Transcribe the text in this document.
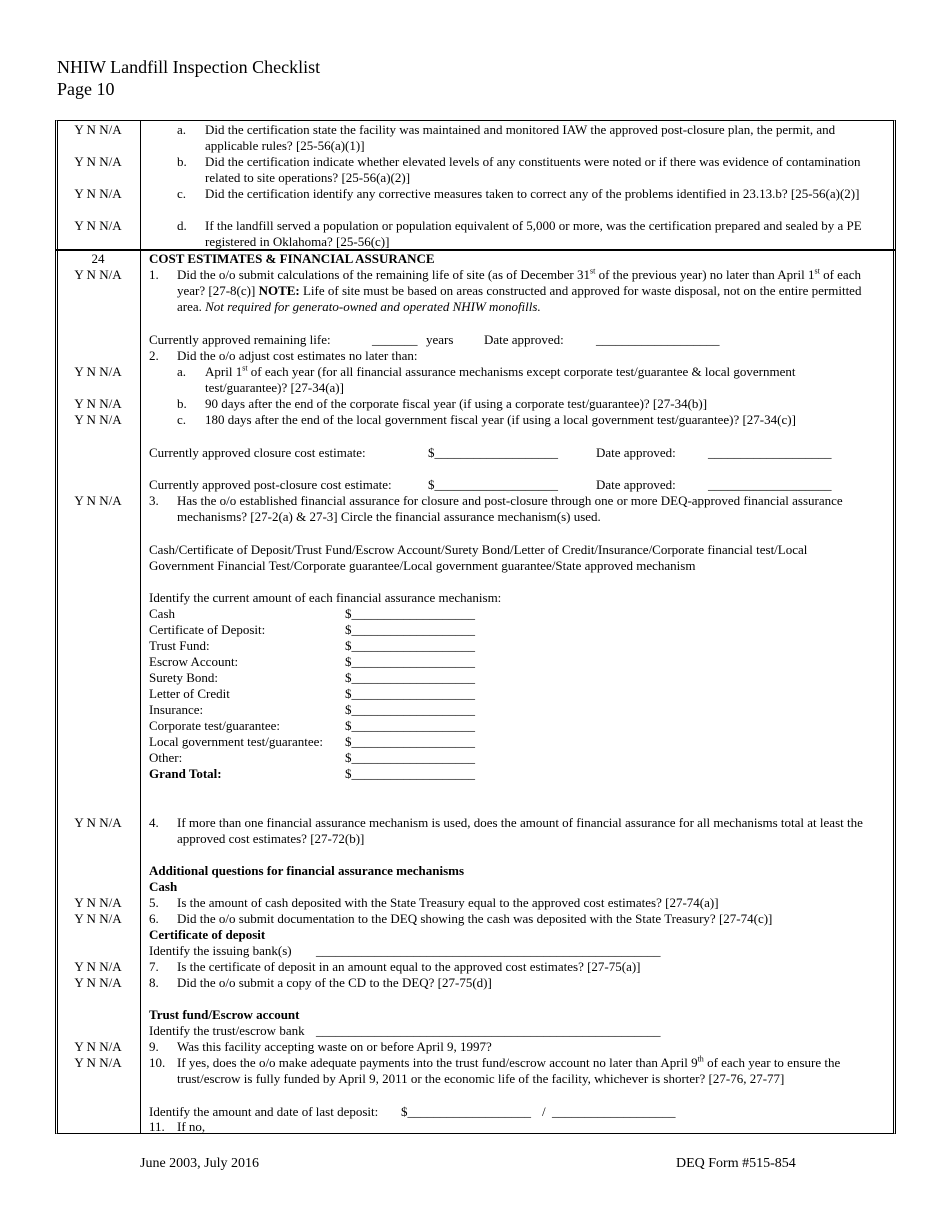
NHIW Landfill Inspection Checklist
Page 10
Y N N/A	a. Did the certification state the facility was maintained and monitored IAW the approved post-closure plan, the permit, and applicable rules? [25-56(a)(1)]
Y N N/A	b. Did the certification indicate whether elevated levels of any constituents were noted or if there was evidence of contamination related to site operations? [25-56(a)(2)]
Y N N/A	c. Did the certification identify any corrective measures taken to correct any of the problems identified in 23.13.b? [25-56(a)(2)]
Y N N/A	d. If the landfill served a population or population equivalent of 5,000 or more, was the certification prepared and sealed by a PE registered in Oklahoma? [25-56(c)]
24	COST ESTIMATES & FINANCIAL ASSURANCE
Y N N/A	1. Did the o/o submit calculations of the remaining life of site (as of December 31st of the previous year) no later than April 1st of each year? [27-8(c)] NOTE: Life of site must be based on areas constructed and approved for waste disposal, not on the entire permitted area. Not required for generato-owned and operated NHIW monofills.
Currently approved remaining life:	_______ years Date approved: ___________________
2. Did the o/o adjust cost estimates no later than:
Y N N/A	a. April 1st of each year (for all financial assurance mechanisms except corporate test/guarantee & local government test/guarantee)? [27-34(a)]
Y N N/A	b. 90 days after the end of the corporate fiscal year (if using a corporate test/guarantee)? [27-34(b)]
Y N N/A	c. 180 days after the end of the local government fiscal year (if using a local government test/guarantee)? [27-34(c)]
Currently approved closure cost estimate:	$___________________	Date approved: ___________________
Currently approved post-closure cost estimate:	$___________________	Date approved: ___________________
Y N N/A	3. Has the o/o established financial assurance for closure and post-closure through one or more DEQ-approved financial assurance mechanisms? [27-2(a) & 27-3] Circle the financial assurance mechanism(s) used.
Cash/Certificate of Deposit/Trust Fund/Escrow Account/Surety Bond/Letter of Credit/Insurance/Corporate financial test/Local Government Financial Test/Corporate guarantee/Local government guarantee/State approved mechanism
Identify the current amount of each financial assurance mechanism:
Cash	$___________________
Certificate of Deposit:	$___________________
Trust Fund:	$___________________
Escrow Account:	$___________________
Surety Bond:	$___________________
Letter of Credit	$___________________
Insurance:	$___________________
Corporate test/guarantee:	$___________________
Local government test/guarantee: $___________________
Other:	$___________________
Grand Total:	$___________________
Y N N/A	4. If more than one financial assurance mechanism is used, does the amount of financial assurance for all mechanisms total at least the approved cost estimates? [27-72(b)]
Additional questions for financial assurance mechanisms
Cash
Y N N/A	5. Is the amount of cash deposited with the State Treasury equal to the approved cost estimates? [27-74(a)]
Y N N/A	6. Did the o/o submit documentation to the DEQ showing the cash was deposited with the State Treasury? [27-74(c)]
Certificate of deposit
Identify the issuing bank(s) _____________________________________________________
Y N N/A	7. Is the certificate of deposit in an amount equal to the approved cost estimates? [27-75(a)]
Y N N/A	8. Did the o/o submit a copy of the CD to the DEQ? [27-75(d)]
Trust fund/Escrow account
Identify the trust/escrow bank _____________________________________________________
Y N N/A	9. Was this facility accepting waste on or before April 9, 1997?
Y N N/A	10. If yes, does the o/o make adequate payments into the trust fund/escrow account no later than April 9th of each year to ensure the trust/escrow is fully funded by April 9, 2011 or the economic life of the facility, whichever is shorter? [27-76, 27-77]
Identify the amount and date of last deposit: $___________________ / ___________________
11. If no,
June 2003, July 2016	DEQ Form #515-854
